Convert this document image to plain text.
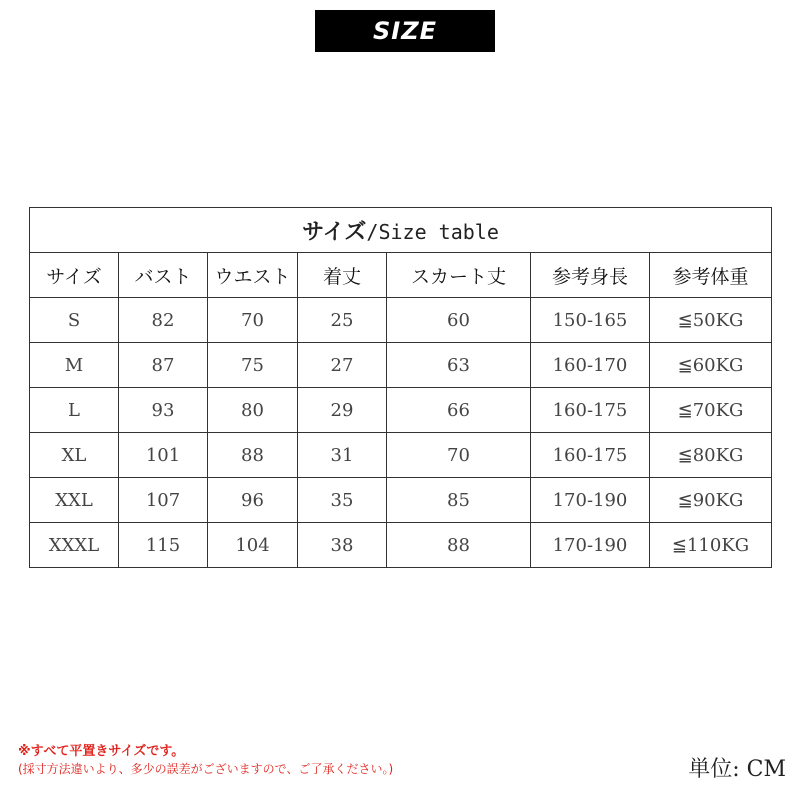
SIZE
サイズ/Size table						
サイズ	バスト	ウエスト	着丈	スカート丈	参考身長	参考体重
S	82	70	25	60	150-165	≦50KG
M	87	75	27	63	160-170	≦60KG
L	93	80	29	66	160-175	≦70KG
XL	101	88	31	70	160-175	≦80KG
XXL	107	96	35	85	170-190	≦90KG
XXXL	115	104	38	88	170-190	≦110KG
※すべて平置きサイズです。
(採寸方法違いより、多少の誤差がございますので、ご了承ください。)	単位: CM
